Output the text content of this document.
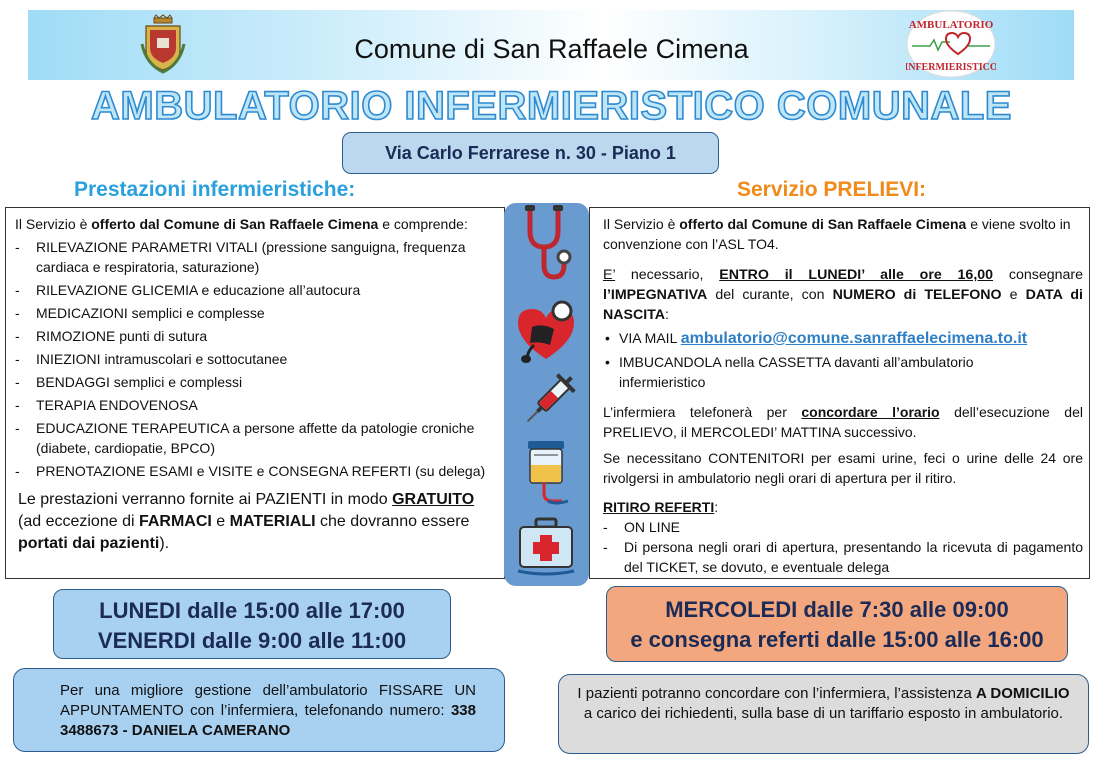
Comune di San Raffaele Cimena
AMBULATORIO
INFERMIERISTICO
AMBULATORIO INFERMIERISTICO COMUNALE
Via Carlo Ferrarese n. 30 - Piano 1
Prestazioni infermieristiche:	Servizio PRELIEVI:

Il Servizio è offerto dal Comune di San Raffaele Cimena e comprende:

- RILEVAZIONE PARAMETRI VITALI (pressione sanguigna, frequenza cardiaca e respiratoria, saturazione)
- RILEVAZIONE GLICEMIA e educazione all’autocura
- MEDICAZIONI semplici e complesse
- RIMOZIONE punti di sutura
- INIEZIONI intramuscolari e sottocutanee
- BENDAGGI semplici e complessi
- TERAPIA ENDOVENOSA
- EDUCAZIONE TERAPEUTICA a persone affette da patologie croniche (diabete, cardiopatie, BPCO)
- PRENOTAZIONE ESAMI e VISITE e CONSEGNA REFERTI (su delega)

Le prestazioni verranno fornite ai PAZIENTI in modo GRATUITO (ad eccezione di FARMACI e MATERIALI che dovranno essere portati dai pazienti).

Il Servizio è offerto dal Comune di San Raffaele Cimena e viene svolto in convenzione con l’ASL TO4.

E’ necessario, ENTRO il LUNEDI’ alle ore 16,00 consegnare l’IMPEGNATIVA del curante, con NUMERO di TELEFONO e DATA di NASCITA:

• VIA MAIL ambulatorio@comune.sanraffaelecimena.to.it
• IMBUCANDOLA nella CASSETTA davanti all’ambulatorio infermieristico

L’infermiera telefonerà per concordare l’orario dell’esecuzione del PRELIEVO, il MERCOLEDI’ MATTINA successivo.

Se necessitano CONTENITORI per esami urine, feci o urine delle 24 ore rivolgersi in ambulatorio negli orari di apertura per il ritiro.

RITIRO REFERTI:

- ON LINE
- Di persona negli orari di apertura, presentando la ricevuta di pagamento del TICKET, se dovuto, e eventuale delega
LUNEDI dalle 15:00 alle 17:00
VENERDI dalle 9:00 alle 11:00
MERCOLEDI dalle 7:30 alle 09:00
e consegna referti dalle 15:00 alle 16:00
Per una migliore gestione dell’ambulatorio FISSARE UN APPUNTAMENTO con l’infermiera, telefonando numero: 338 3488673 - DANIELA CAMERANO
I pazienti potranno concordare con l’infermiera, l’assistenza A DOMICILIO a carico dei richiedenti, sulla base di un tariffario esposto in ambulatorio.
